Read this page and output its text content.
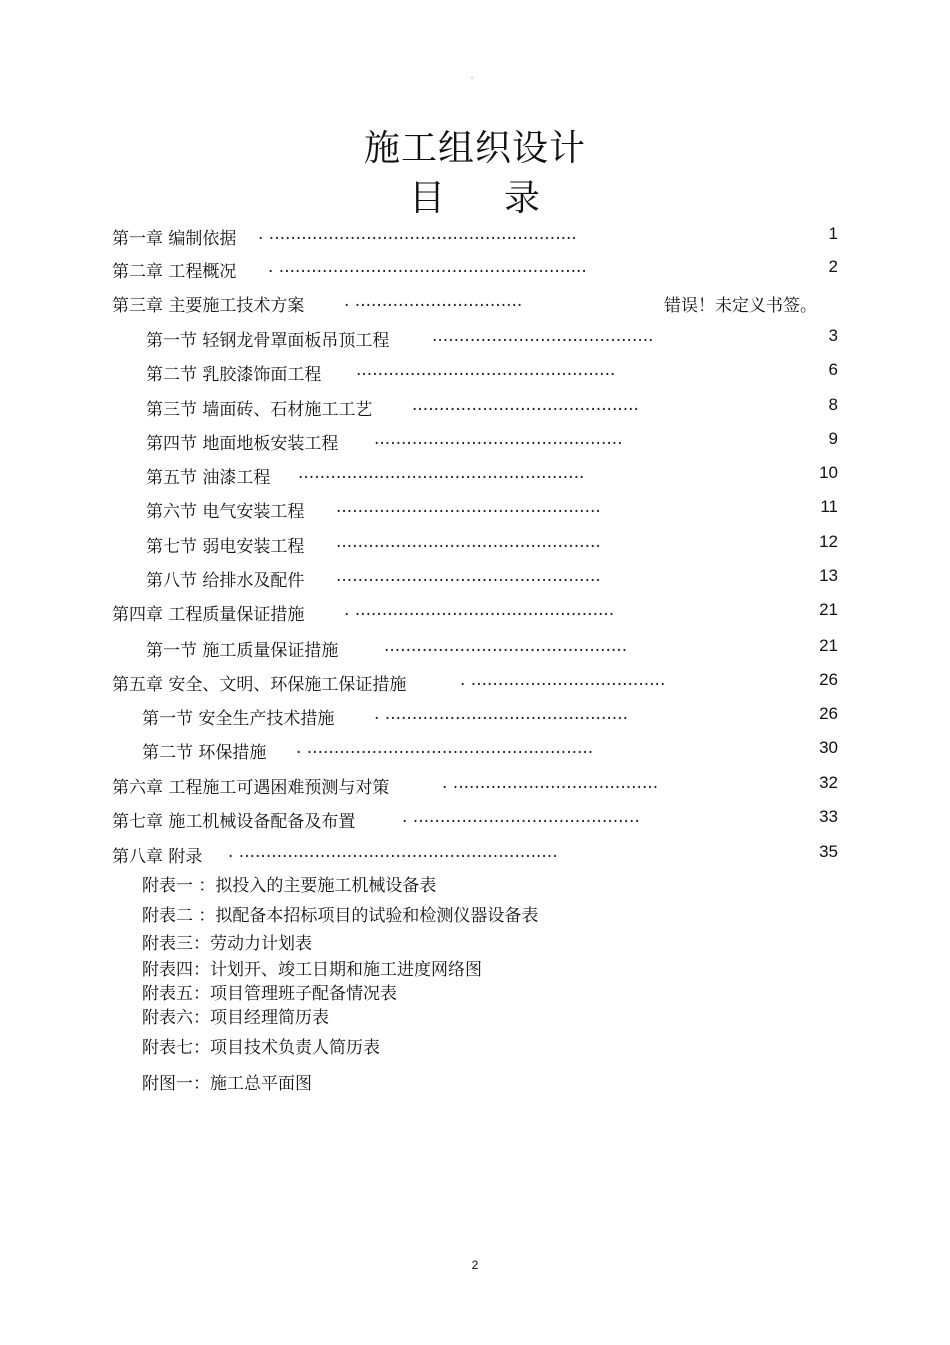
。
施工组织设计
目 录
第一章 编制依据 . .........................................................	1
第二章 工程概况 . .........................................................	2
第三章 主要施工技术方案 . ...............................	错误！未定义书签。
第一节 轻钢龙骨罩面板吊顶工程	.........................................	3
第二节 乳胶漆饰面工程 ................................................	6
第三节 墙面砖、石材施工工艺 ..........................................	8
第四节 地面地板安装工程 ..............................................	9
第五节 油漆工程 .....................................................	10
第六节 电气安装工程 .................................................	11
第七节 弱电安装工程 .................................................	12
第八节 给排水及配件 .................................................	13
第四章 工程质量保证措施 . ................................................	21
第一节 施工质量保证措施	.............................................	21
第五章 安全、文明、环保施工保证措施	. ....................................	26
第一节 安全生产技术措施 . .............................................	26
第二节 环保措施 . .....................................................	30
第六章 工程施工可遇困难预测与对策	. ......................................	32
第七章 施工机械设备配备及布置	. ..........................................	33
第八章 附录 . ...........................................................	35
附表一 ：拟投入的主要施工机械设备表
附表二 ：拟配备本招标项目的试验和检测仪器设备表
附表三：劳动力计划表
附表四：计划开、竣工日期和施工进度网络图
附表五：项目管理班子配备情况表
附表六：项目经理简历表
附表七：项目技术负责人简历表
附图一：施工总平面图
2
